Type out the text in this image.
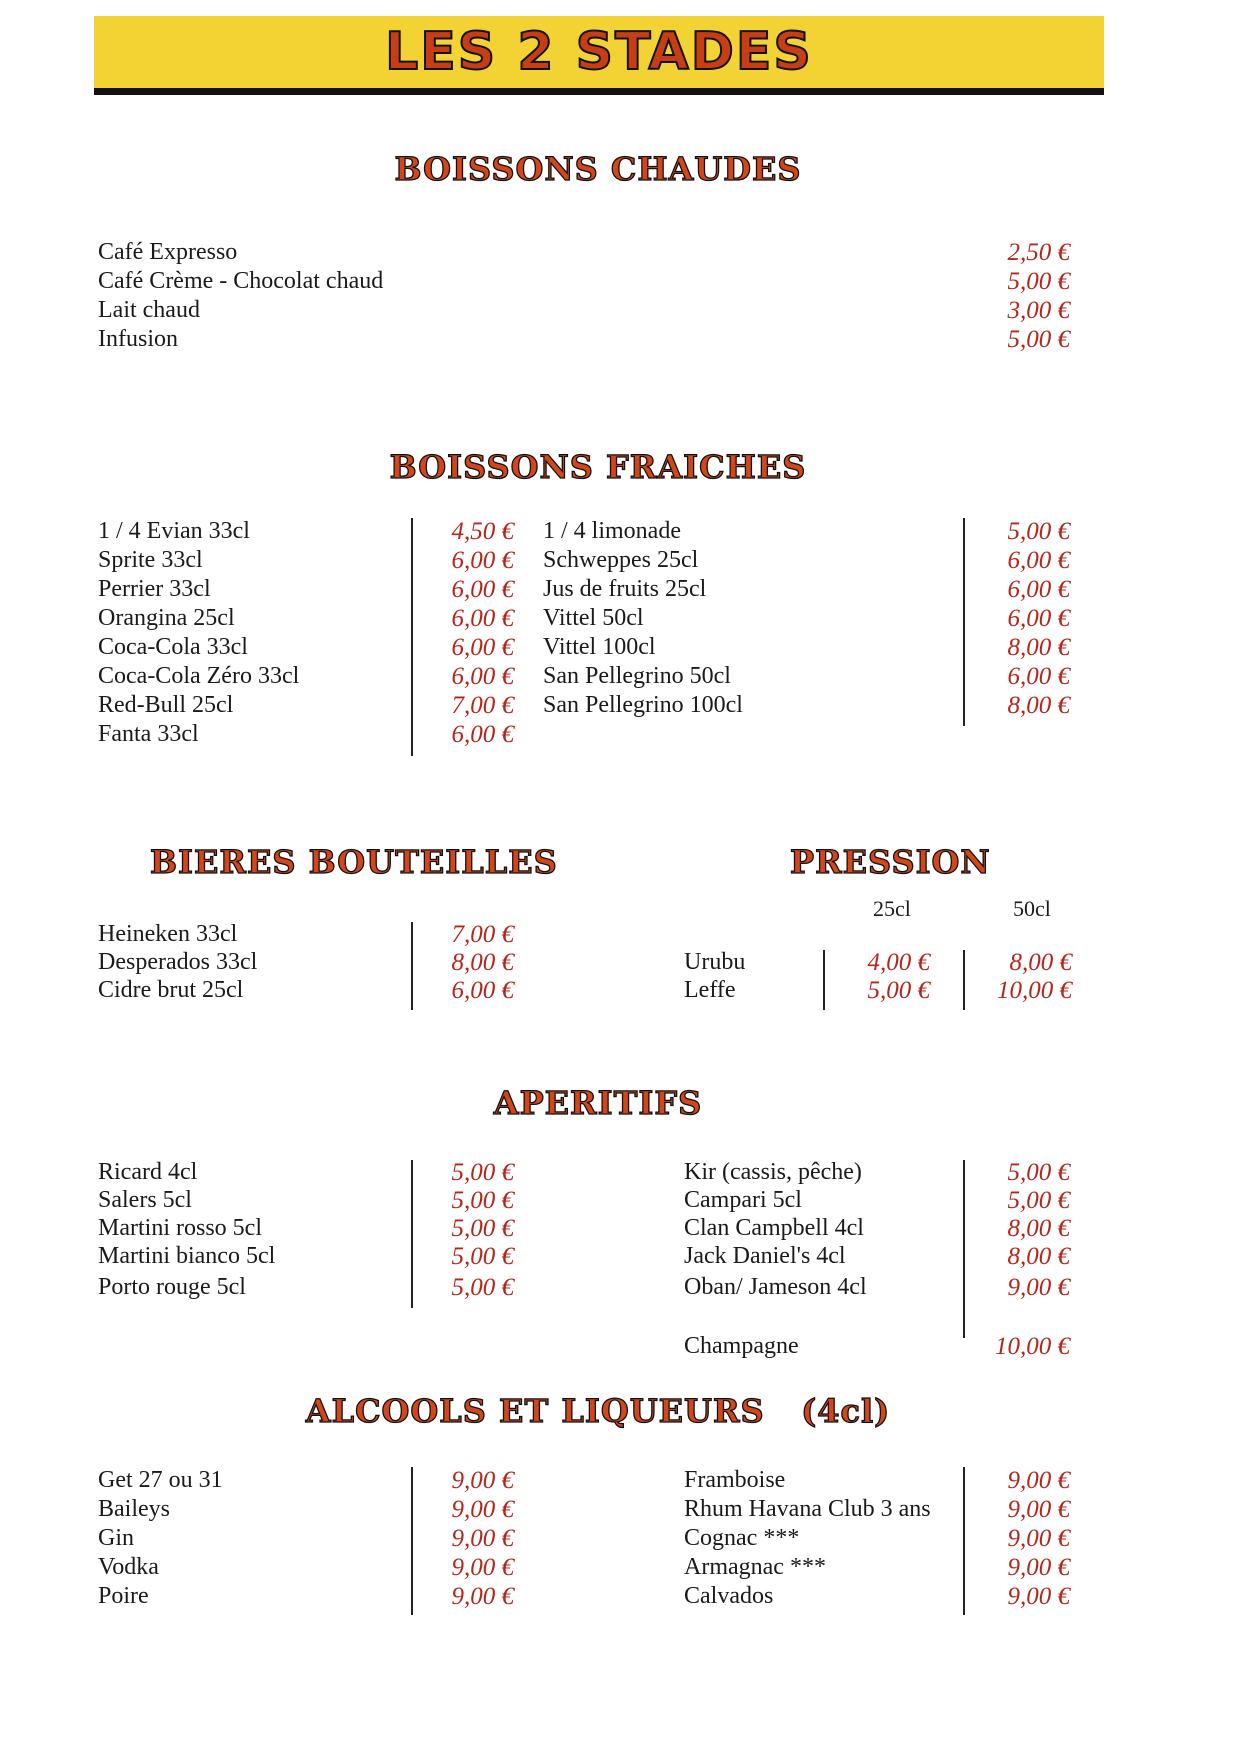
LES 2 STADES
BOISSONS CHAUDES
Café Expresso	2,50 €
Café Crème - Chocolat chaud	5,00 €
Lait chaud	3,00 €
Infusion	5,00 €
BOISSONS FRAICHES
1 / 4 Evian 33cl	4,50 €
Sprite 33cl	6,00 €
Perrier 33cl	6,00 €
Orangina 25cl	6,00 €
Coca-Cola 33cl	6,00 €
Coca-Cola Zéro 33cl	6,00 €
Red-Bull 25cl	7,00 €
Fanta 33cl	6,00 €
1 / 4 limonade	5,00 €
Schweppes 25cl	6,00 €
Jus de fruits 25cl	6,00 €
Vittel 50cl	6,00 €
Vittel 100cl	8,00 €
San Pellegrino 50cl	6,00 €
San Pellegrino 100cl	8,00 €
BIERES BOUTEILLES
Heineken 33cl	7,00 €
Desperados 33cl	8,00 €
Cidre brut 25cl	6,00 €
PRESSION
25cl	50cl
Urubu	4,00 €	8,00 €
Leffe	5,00 €	10,00 €
APERITIFS
Ricard 4cl	5,00 €
Salers 5cl	5,00 €
Martini rosso 5cl	5,00 €
Martini bianco 5cl	5,00 €
Porto rouge 5cl	5,00 €
Kir (cassis, pêche)	5,00 €
Campari 5cl	5,00 €
Clan Campbell 4cl	8,00 €
Jack Daniel's 4cl	8,00 €
Oban/ Jameson 4cl	9,00 €
Champagne	10,00 €
ALCOOLS ET LIQUEURS   (4cl)
Get 27 ou 31	9,00 €
Baileys	9,00 €
Gin	9,00 €
Vodka	9,00 €
Poire	9,00 €
Framboise	9,00 €
Rhum Havana Club 3 ans	9,00 €
Cognac ***	9,00 €
Armagnac ***	9,00 €
Calvados	9,00 €
